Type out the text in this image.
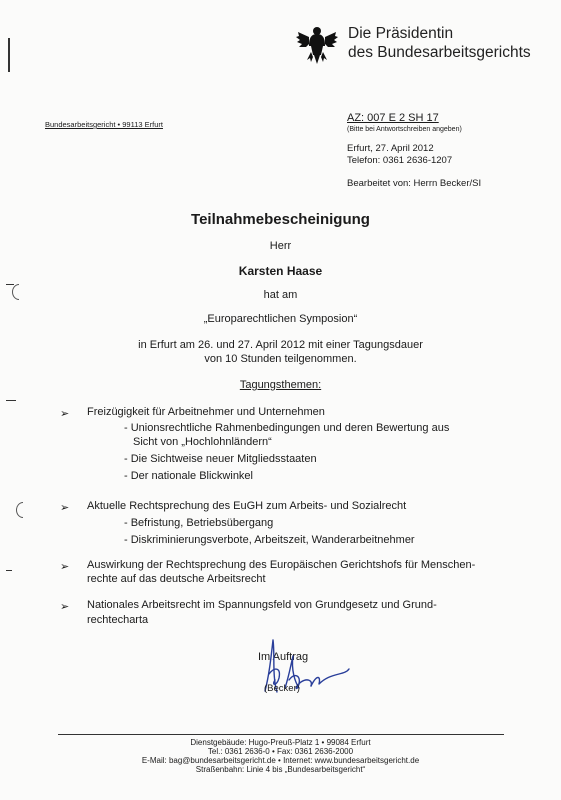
Die Präsidentin
des Bundesarbeitsgerichts
Bundesarbeitsgericht • 99113 Erfurt
AZ: 007 E 2 SH 17
(Bitte bei Antwortschreiben angeben)
Erfurt, 27. April 2012
Telefon: 0361 2636-1207
Bearbeitet von: Herrn Becker/SI
Teilnahmebescheinigung
Herr
Karsten Haase
hat am
„Europarechtlichen Symposion“
in Erfurt am 26. und 27. April 2012 mit einer Tagungsdauer
von 10 Stunden teilgenommen.
Tagungsthemen:
➢ Freizügigkeit für Arbeitnehmer und Unternehmen
- Unionsrechtliche Rahmenbedingungen und deren Bewertung aus
Sicht von „Hochlohnländern“
- Die Sichtweise neuer Mitgliedsstaaten
- Der nationale Blickwinkel
➢ Aktuelle Rechtsprechung des EuGH zum Arbeits- und Sozialrecht
- Befristung, Betriebsübergang
- Diskriminierungsverbote, Arbeitszeit, Wanderarbeitnehmer
➢ Auswirkung der Rechtsprechung des Europäischen Gerichtshofs für Menschen-
rechte auf das deutsche Arbeitsrecht
➢ Nationales Arbeitsrecht im Spannungsfeld von Grundgesetz und Grund-
rechtecharta
Im Auftrag
(Becker)
Dienstgebäude: Hugo-Preuß-Platz 1 • 99084 Erfurt
Tel.: 0361 2636-0 • Fax: 0361 2636-2000
E-Mail: bag@bundesarbeitsgericht.de • Internet: www.bundesarbeitsgericht.de
Straßenbahn: Linie 4 bis „Bundesarbeitsgericht“
